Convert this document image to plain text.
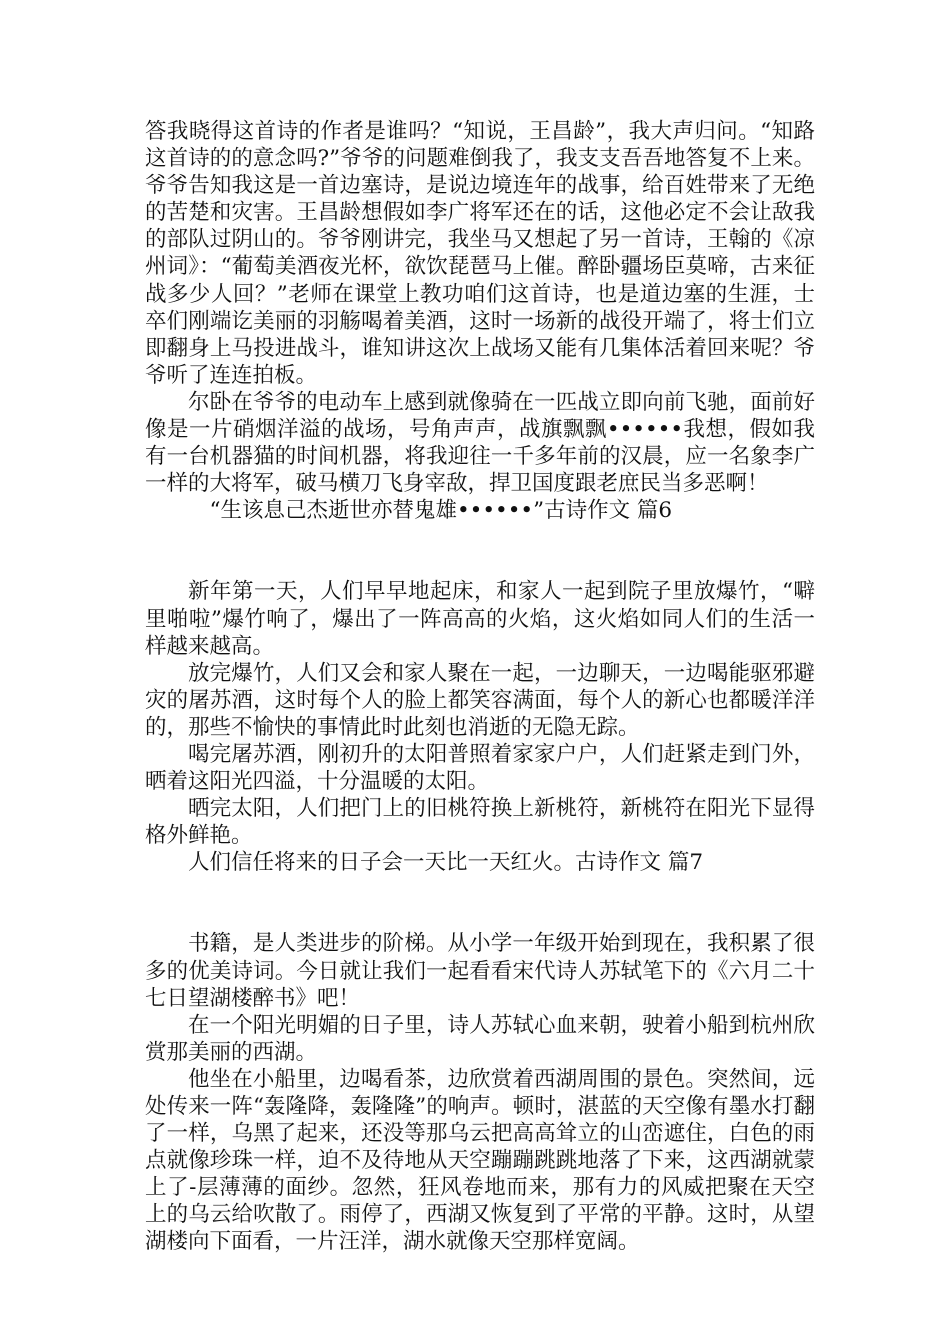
答我晓得这首诗的作者是谁吗？“知说，王昌龄”，我大声归问。“知路这首诗的的意念吗?”爷爷的问题难倒我了，我支支吾吾地答复不上来。爷爷告知我这是一首边塞诗，是说边境连年的战事，给百姓带来了无绝的苦楚和灾害。王昌龄想假如李广将军还在的话，这他必定不会让敌我的部队过阴山的。爷爷刚讲完，我坐马又想起了另一首诗，王翰的《凉州词》：“葡萄美酒夜光杯，欲饮琵琶马上催。醉卧疆场臣莫啼，古来征战多少人回？”老师在课堂上教功咱们这首诗，也是道边塞的生涯，士卒们刚端讫美丽的羽觞喝着美酒，这时一场新的战役开端了，将士们立即翻身上马投进战斗，谁知讲这次上战场又能有几集体活着回来呢？爷爷听了连连拍板。

尔卧在爷爷的电动车上感到就像骑在一匹战立即向前飞驰，面前好像是一片硝烟洋溢的战场，号角声声，战旗飘飘••••••我想，假如我有一台机器猫的时间机器，将我迎往一千多年前的汉晨，应一名象李广一样的大将军，破马横刀飞身宰敌，捍卫国度跟老庶民当多恶啊！

“生该息己杰逝世亦替鬼雄••••••”古诗作文 篇6

新年第一天，人们早早地起床，和家人一起到院子里放爆竹，“噼里啪啦”爆竹响了，爆出了一阵高高的火焰，这火焰如同人们的生活一样越来越高。

放完爆竹，人们又会和家人聚在一起，一边聊天，一边喝能驱邪避灾的屠苏酒，这时每个人的脸上都笑容满面，每个人的新心也都暖洋洋的，那些不愉快的事情此时此刻也消逝的无隐无踪。

喝完屠苏酒，刚初升的太阳普照着家家户户，人们赶紧走到门外，晒着这阳光四溢，十分温暖的太阳。

晒完太阳，人们把门上的旧桃符换上新桃符，新桃符在阳光下显得格外鲜艳。

人们信任将来的日子会一天比一天红火。古诗作文 篇7

书籍，是人类进步的阶梯。从小学一年级开始到现在，我积累了很多的优美诗词。今日就让我们一起看看宋代诗人苏轼笔下的《六月二十七日望湖楼醉书》吧！

在一个阳光明媚的日子里，诗人苏轼心血来朝，驶着小船到杭州欣赏那美丽的西湖。

他坐在小船里，边喝看茶，边欣赏着西湖周围的景色。突然间，远处传来一阵“轰隆降，轰隆隆”的响声。顿时，湛蓝的天空像有墨水打翻了一样，乌黑了起来，还没等那乌云把高高耸立的山峦遮住，白色的雨点就像珍珠一样，迫不及待地从天空蹦蹦跳跳地落了下来，这西湖就蒙上了-层薄薄的面纱。忽然，狂风卷地而来，那有力的风威把聚在天空上的乌云给吹散了。雨停了，西湖又恢复到了平常的平静。这时，从望湖楼向下面看，一片汪洋，湖水就像天空那样宽阔。
